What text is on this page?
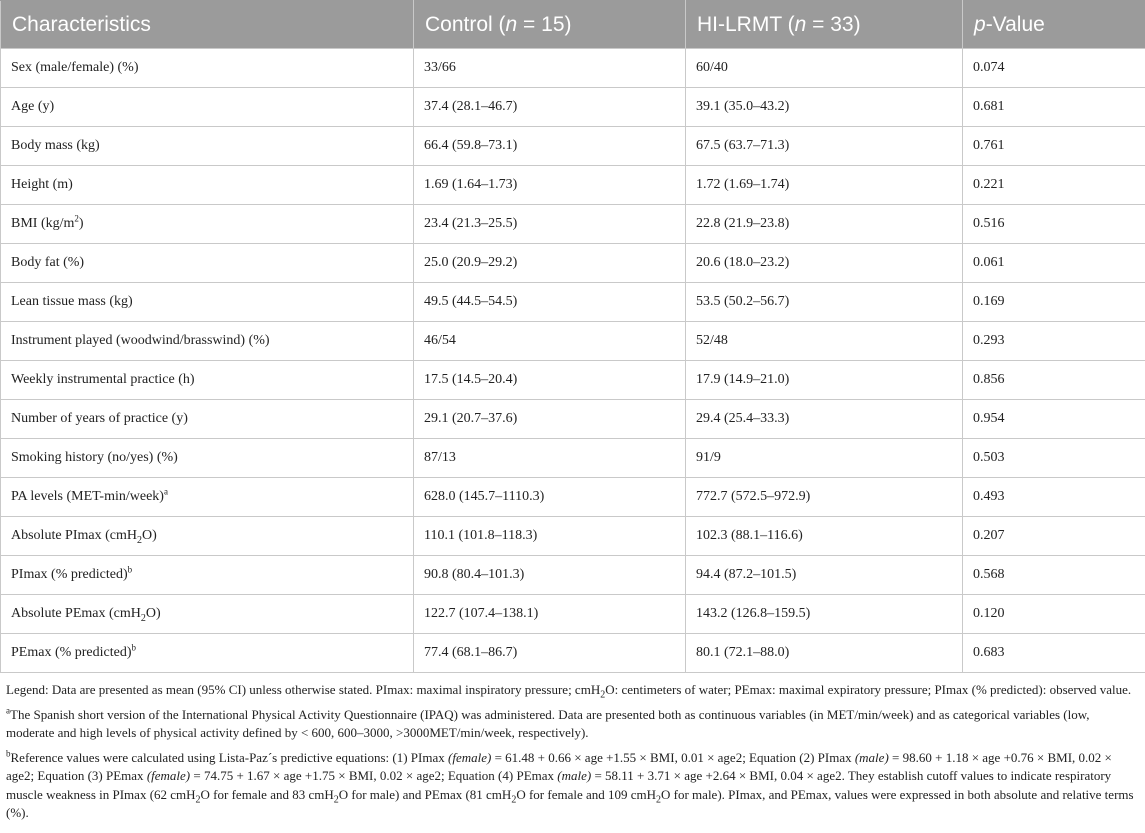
Characteristics	Control (n = 15)	HI-LRMT (n = 33)	p-Value
Sex (male/female) (%)	33/66	60/40	0.074
Age (y)	37.4 (28.1–46.7)	39.1 (35.0–43.2)	0.681
Body mass (kg)	66.4 (59.8–73.1)	67.5 (63.7–71.3)	0.761
Height (m)	1.69 (1.64–1.73)	1.72 (1.69–1.74)	0.221
BMI $(kg/m^2)$	23.4 (21.3–25.5)	22.8 (21.9–23.8)	0.516
Body fat (%)	25.0 (20.9–29.2)	20.6 (18.0–23.2)	0.061
Lean tissue mass (kg)	49.5 (44.5–54.5)	53.5 (50.2–56.7)	0.169
Instrument played (woodwind/brasswind) (%)	46/54	52/48	0.293
Weekly instrumental practice (h)	17.5 (14.5–20.4)	17.9 (14.9–21.0)	0.856
Number of years of practice (y)	29.1 (20.7–37.6)	29.4 (25.4–33.3)	0.954
Smoking history (no/yes) (%)	87/13	91/9	0.503
PA levels (MET-min/week)$^a$	628.0 (145.7–1110.3)	772.7 (572.5–972.9)	0.493
Absolute PImax (cmH$_2$O)	110.1 (101.8–118.3)	102.3 (88.1–116.6)	0.207
PImax (% predicted)$^b$	90.8 (80.4–101.3)	94.4 (87.2–101.5)	0.568
Absolute PEmax (cmH$_2$O)	122.7 (107.4–138.1)	143.2 (126.8–159.5)	0.120
PEmax (% predicted)$^b$	77.4 (68.1–86.7)	80.1 (72.1–88.0)	0.683

Legend: Data are presented as mean (95% CI) unless otherwise stated. PImax: maximal inspiratory pressure; cmH$_2$O: centimeters of water; PEmax: maximal expiratory pressure; PImax (% predicted): observed value.

$^a$The Spanish short version of the International Physical Activity Questionnaire (IPAQ) was administered. Data are presented both as continuous variables (in MET/min/week) and as categorical variables (low, moderate and high levels of physical activity defined by < 600, 600–3000, >3000MET/min/week, respectively).

$^b$Reference values were calculated using Lista-Paz´s predictive equations: (1) PImax (female) = 61.48 + 0.66 × age +1.55 × BMI, 0.01 × age2; Equation (2) PImax (male) = 98.60 + 1.18 × age +0.76 × BMI, 0.02 × age2; Equation (3) PEmax (female) = 74.75 + 1.67 × age +1.75 × BMI, 0.02 × age2; Equation (4) PEmax (male) = 58.11 + 3.71 × age +2.64 × BMI, 0.04 × age2. They establish cutoff values to indicate respiratory muscle weakness in PImax (62 cmH$_2$O for female and 83 cmH$_2$O for male) and PEmax (81 cmH$_2$O for female and 109 cmH$_2$O for male). PImax, and PEmax, values were expressed in both absolute and relative terms (%).
